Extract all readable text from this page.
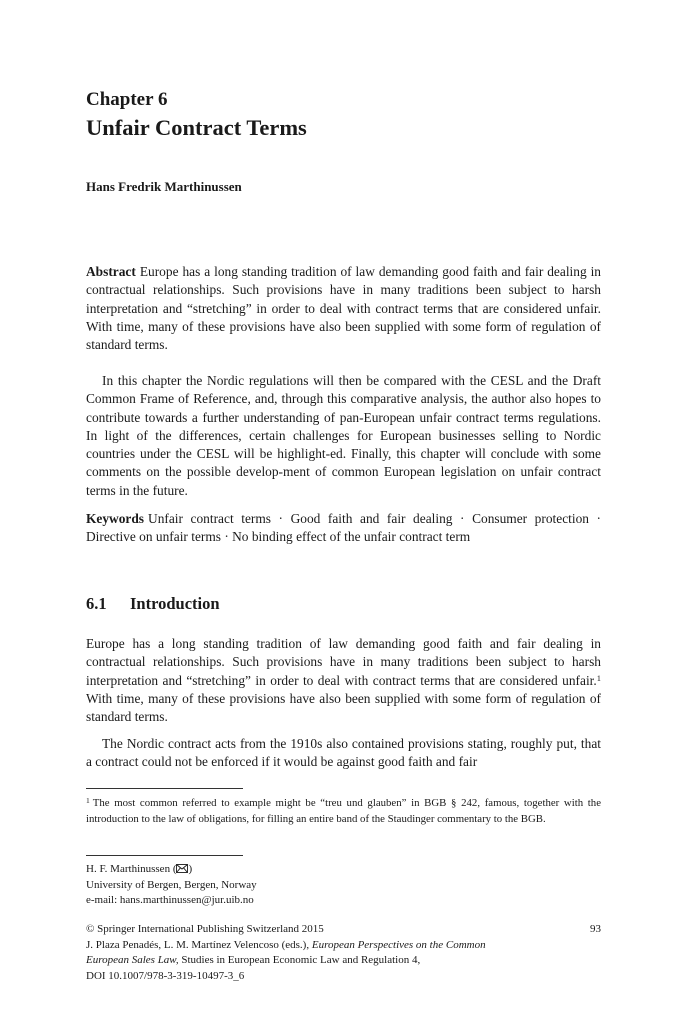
Chapter 6
Unfair Contract Terms
Hans Fredrik Marthinussen

Abstract Europe has a long standing tradition of law demanding good faith and fair dealing in contractual relationships. Such provisions have in many traditions been subject to harsh interpretation and “stretching” in order to deal with contract terms that are considered unfair. With time, many of these provisions have also been supplied with some form of regulation of standard terms.

In this chapter the Nordic regulations will then be compared with the CESL and the Draft Common Frame of Reference, and, through this comparative analysis, the author also hopes to contribute towards a further understanding of pan-European unfair contract terms regulations. In light of the differences, certain challenges for European businesses selling to Nordic countries under the CESL will be highlight-ed. Finally, this chapter will conclude with some comments on the possible develop-ment of common European legislation on unfair contract terms in the future.

Keywords Unfair contract terms · Good faith and fair dealing · Consumer protection · Directive on unfair terms · No binding effect of the unfair contract term

6.1 Introduction

Europe has a long standing tradition of law demanding good faith and fair dealing in contractual relationships. Such provisions have in many traditions been subject to harsh interpretation and “stretching” in order to deal with contract terms that are considered unfair.$^1$ With time, many of these provisions have also been supplied with some form of regulation of standard terms.

The Nordic contract acts from the 1910s also contained provisions stating, roughly put, that a contract could not be enforced if it would be against good faith and fair

$^1$ The most common referred to example might be “treu und glauben” in BGB § 242, famous, together with the introduction to the law of obligations, for filling an entire band of the Staudinger commentary to the BGB.

H. F. Marthinussen ( )
University of Bergen, Bergen, Norway
e-mail: hans.marthinussen@jur.uib.no
© Springer International Publishing Switzerland 2015
J. Plaza Penadés, L. M. Martínez Velencoso (eds.), European Perspectives on the Common
European Sales Law, Studies in European Economic Law and Regulation 4,
DOI 10.1007/978-3-319-10497-3_6
93
